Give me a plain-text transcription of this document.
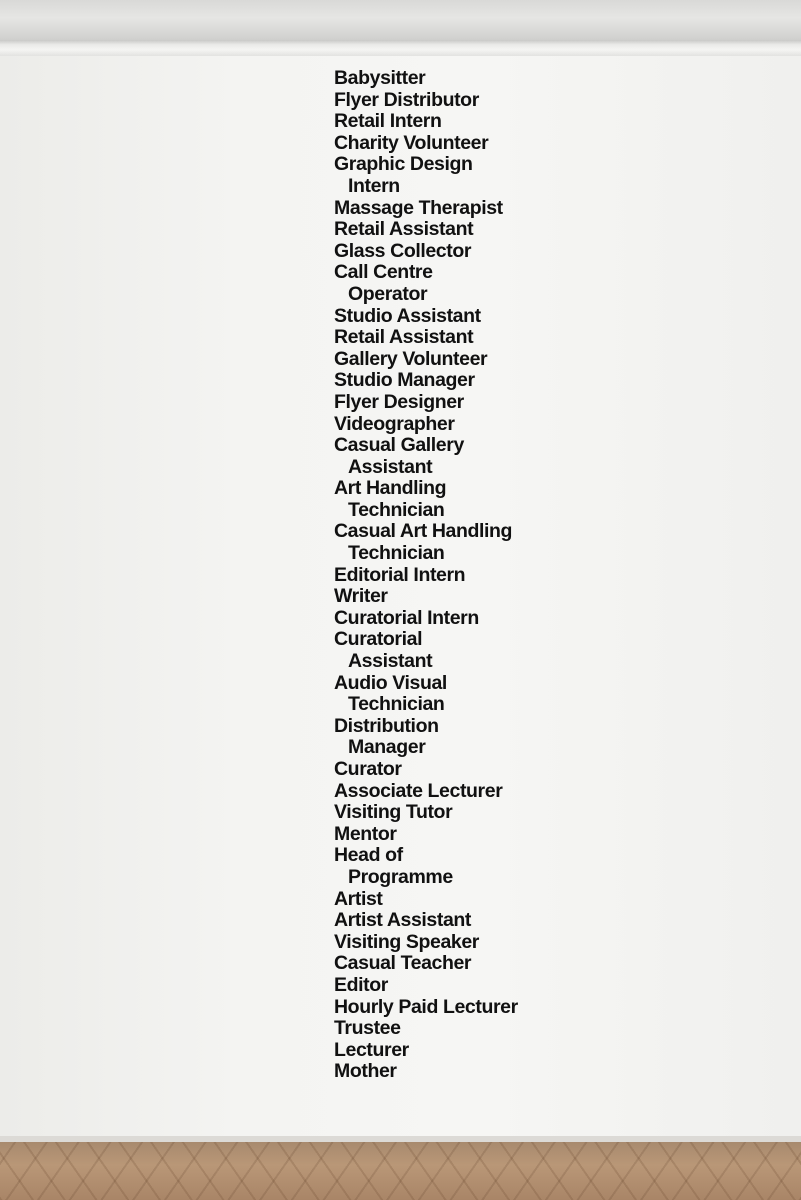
Babysitter
Flyer Distributor
Retail Intern
Charity Volunteer
Graphic Design
Intern
Massage Therapist
Retail Assistant
Glass Collector
Call Centre
Operator
Studio Assistant
Retail Assistant
Gallery Volunteer
Studio Manager
Flyer Designer
Videographer
Casual Gallery
Assistant
Art Handling
Technician
Casual Art Handling
Technician
Editorial Intern
Writer
Curatorial Intern
Curatorial
Assistant
Audio Visual
Technician
Distribution
Manager
Curator
Associate Lecturer
Visiting Tutor
Mentor
Head of
Programme
Artist
Artist Assistant
Visiting Speaker
Casual Teacher
Editor
Hourly Paid Lecturer
Trustee
Lecturer
Mother
